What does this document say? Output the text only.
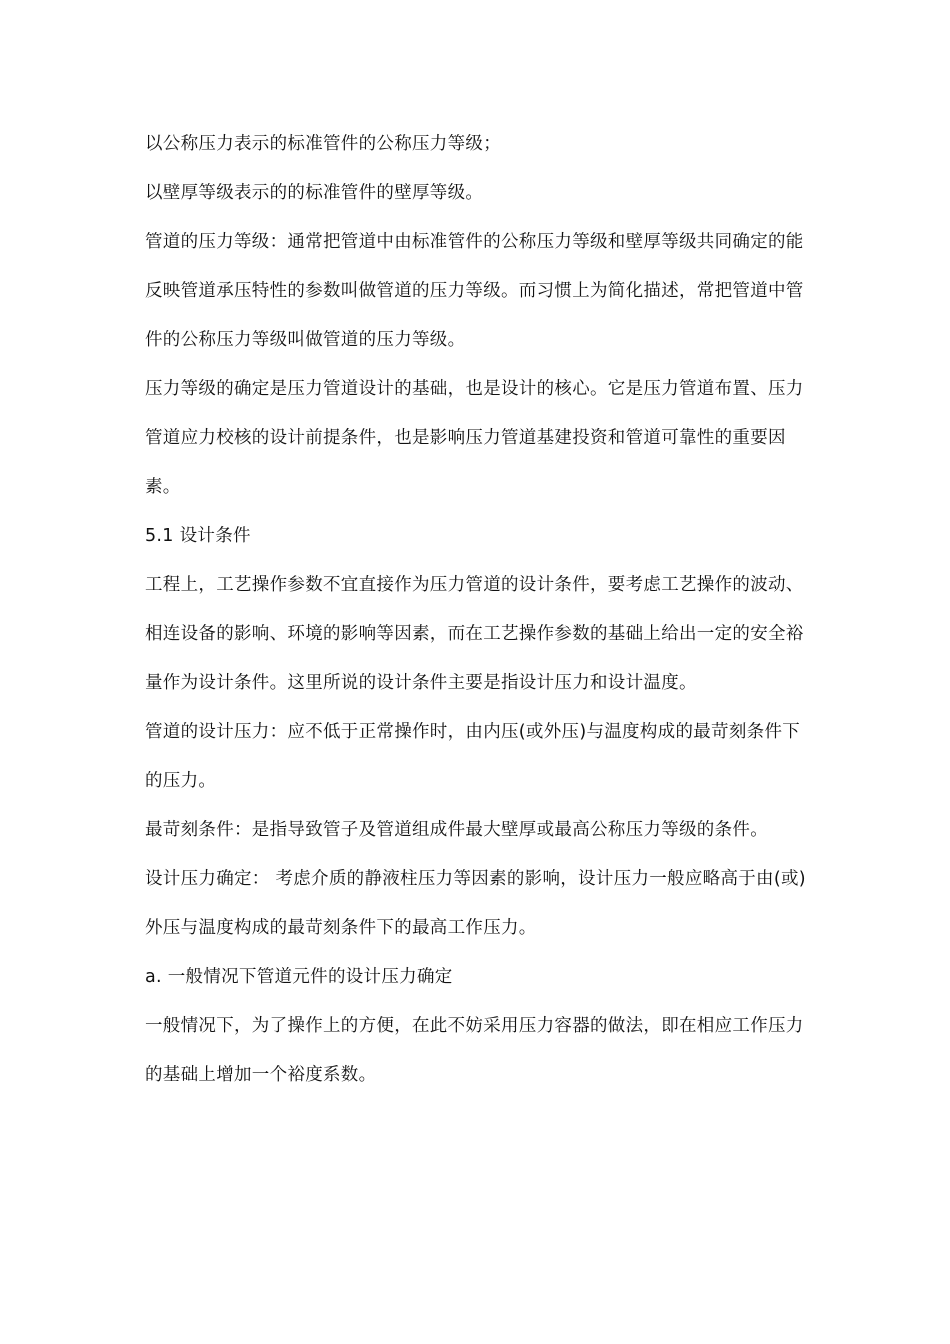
以公称压力表示的标准管件的公称压力等级；

以壁厚等级表示的的标准管件的壁厚等级。

管道的压力等级：通常把管道中由标准管件的公称压力等级和壁厚等级共同确定的能反映管道承压特性的参数叫做管道的压力等级。而习惯上为简化描述，常把管道中管件的公称压力等级叫做管道的压力等级。

压力等级的确定是压力管道设计的基础，也是设计的核心。它是压力管道布置、压力管道应力校核的设计前提条件，也是影响压力管道基建投资和管道可靠性的重要因素。

5.1 设计条件

工程上，工艺操作参数不宜直接作为压力管道的设计条件，要考虑工艺操作的波动、相连设备的影响、环境的影响等因素，而在工艺操作参数的基础上给出一定的安全裕量作为设计条件。这里所说的设计条件主要是指设计压力和设计温度。

管道的设计压力：应不低于正常操作时，由内压(或外压)与温度构成的最苛刻条件下的压力。

最苛刻条件：是指导致管子及管道组成件最大壁厚或最高公称压力等级的条件。

设计压力确定： 考虑介质的静液柱压力等因素的影响，设计压力一般应略高于由(或)外压与温度构成的最苛刻条件下的最高工作压力。

a. 一般情况下管道元件的设计压力确定

一般情况下，为了操作上的方便，在此不妨采用压力容器的做法，即在相应工作压力的基础上增加一个裕度系数。
